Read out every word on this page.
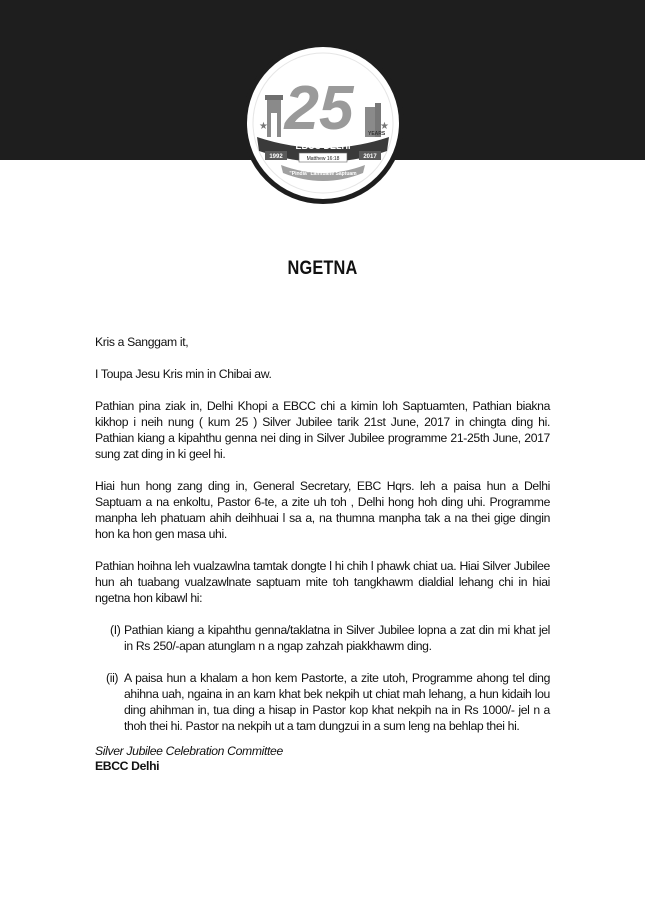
25
★	★
YEARS
EBCC DELHI
1992	2017
Matthew 16:18
"Pindia" Lamtuaite Saptuam
NGETNA

Kris a Sanggam it,

I Toupa Jesu Kris min in Chibai aw.

Pathian pina ziak in, Delhi Khopi a EBCC chi a kimin loh Saptuamten, Pathian biakna kikhop i neih nung ( kum 25 ) Silver Jubilee tarik 21st June, 2017 in chingta ding hi. Pathian kiang a kipahthu genna nei ding in Silver Jubilee programme 21-25th June, 2017 sung zat ding in ki geel hi.

Hiai hun hong zang ding in, General Secretary, EBC Hqrs. leh a paisa hun a Delhi Saptuam a na enkoltu, Pastor 6-te, a zite uh toh , Delhi hong hoh ding uhi. Programme manpha leh phatuam ahih deihhuai l sa a, na thumna manpha tak a na thei gige dingin hon ka hon gen masa uhi.

Pathian hoihna leh vualzawlna tamtak dongte l hi chih l phawk chiat ua. Hiai Silver Jubilee hun ah tuabang vualzawlnate saptuam mite toh tangkhawm dialdial lehang chi in hiai ngetna hon kibawl hi:

(I) Pathian kiang a kipahthu genna/taklatna in Silver Jubilee lopna a zat din mi khat jel in Rs 250/-apan atunglam n a ngap zahzah piakkhawm ding.
(ii) A paisa hun a khalam a hon kem Pastorte, a zite utoh, Programme ahong tel ding ahihna uah, ngaina in an kam khat bek nekpih ut chiat mah lehang, a hun kidaih lou ding ahihman in, tua ding a hisap in Pastor kop khat nekpih na in Rs 1000/- jel n a thoh thei hi. Pastor na nekpih ut a tam dungzui in a sum leng na behlap thei hi.
Silver Jubilee Celebration Committee
EBCC Delhi
